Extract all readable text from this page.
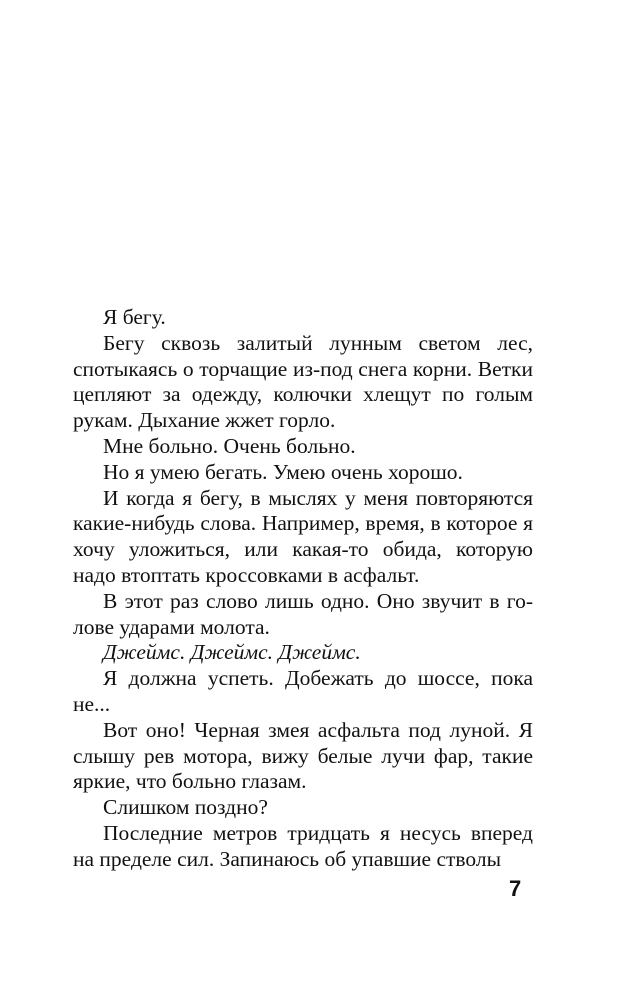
Я бегу.

Бегу сквозь залитый лунным светом лес, спотыкаясь о торчащие из-под снега корни. Ветки цепляют за одежду, колючки хлещут по голым рукам. Дыхание жжет горло.

Мне больно. Очень больно.

Но я умею бегать. Умею очень хорошо.

И когда я бегу, в мыслях у меня повторяются какие-нибудь слова. Например, время, в которое я хочу уложиться, или какая-то обида, которую надо втоптать кроссовками в асфальт.

В этот раз слово лишь одно. Оно звучит в голове ударами молота.

Джеймс. Джеймс. Джеймс.

Я должна успеть. Добежать до шоссе, пока не...

Вот оно! Черная змея асфальта под луной. Я слышу рев мотора, вижу белые лучи фар, такие яркие, что больно глазам.

Слишком поздно?

Последние метров тридцать я несусь вперед на пределе сил. Запинаюсь об упавшие стволы

7
